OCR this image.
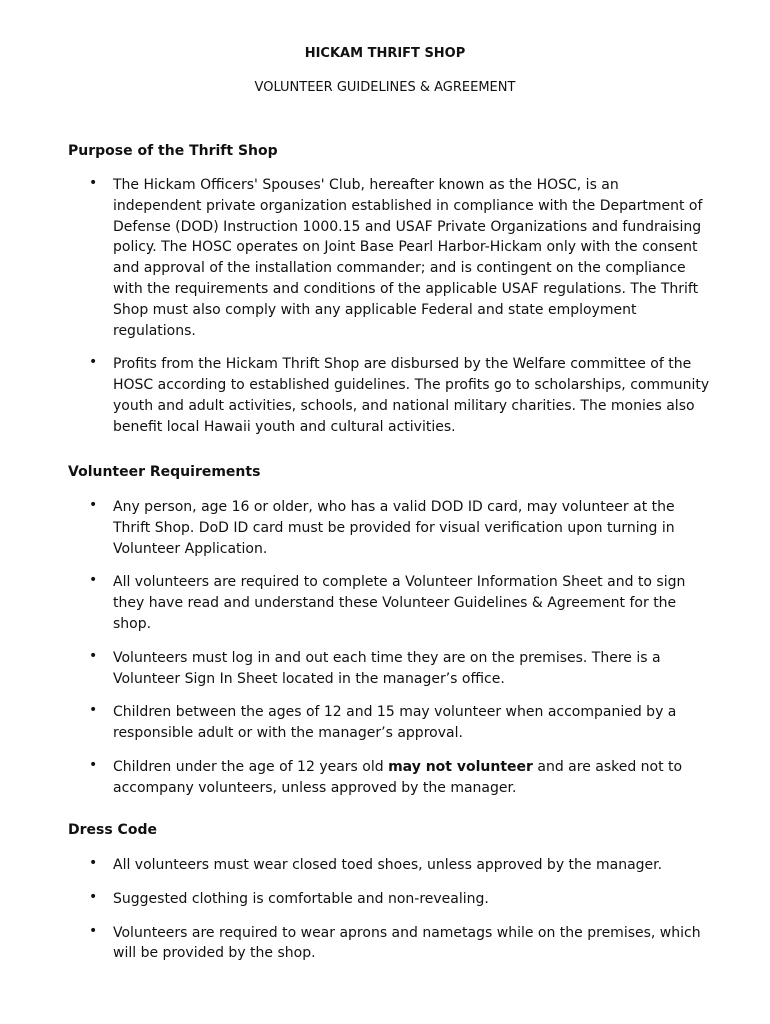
HICKAM THRIFT SHOP

VOLUNTEER GUIDELINES & AGREEMENT

Purpose of the Thrift Shop

• The Hickam Officers' Spouses' Club, hereafter known as the HOSC, is an independent private organization established in compliance with the Department of Defense (DOD) Instruction 1000.15 and USAF Private Organizations and fundraising policy. The HOSC operates on Joint Base Pearl Harbor-Hickam only with the consent and approval of the installation commander; and is contingent on the compliance with the requirements and conditions of the applicable USAF regulations. The Thrift Shop must also comply with any applicable Federal and state employment regulations.
• Profits from the Hickam Thrift Shop are disbursed by the Welfare committee of the HOSC according to established guidelines. The profits go to scholarships, community youth and adult activities, schools, and national military charities. The monies also benefit local Hawaii youth and cultural activities.

Volunteer Requirements

• Any person, age 16 or older, who has a valid DOD ID card, may volunteer at the Thrift Shop. DoD ID card must be provided for visual verification upon turning in Volunteer Application.
• All volunteers are required to complete a Volunteer Information Sheet and to sign they have read and understand these Volunteer Guidelines & Agreement for the shop.
• Volunteers must log in and out each time they are on the premises. There is a Volunteer Sign In Sheet located in the manager’s office.
• Children between the ages of 12 and 15 may volunteer when accompanied by a responsible adult or with the manager’s approval.
• Children under the age of 12 years old may not volunteer and are asked not to accompany volunteers, unless approved by the manager.

Dress Code

• All volunteers must wear closed toed shoes, unless approved by the manager.
• Suggested clothing is comfortable and non-revealing.
• Volunteers are required to wear aprons and nametags while on the premises, which will be provided by the shop.
